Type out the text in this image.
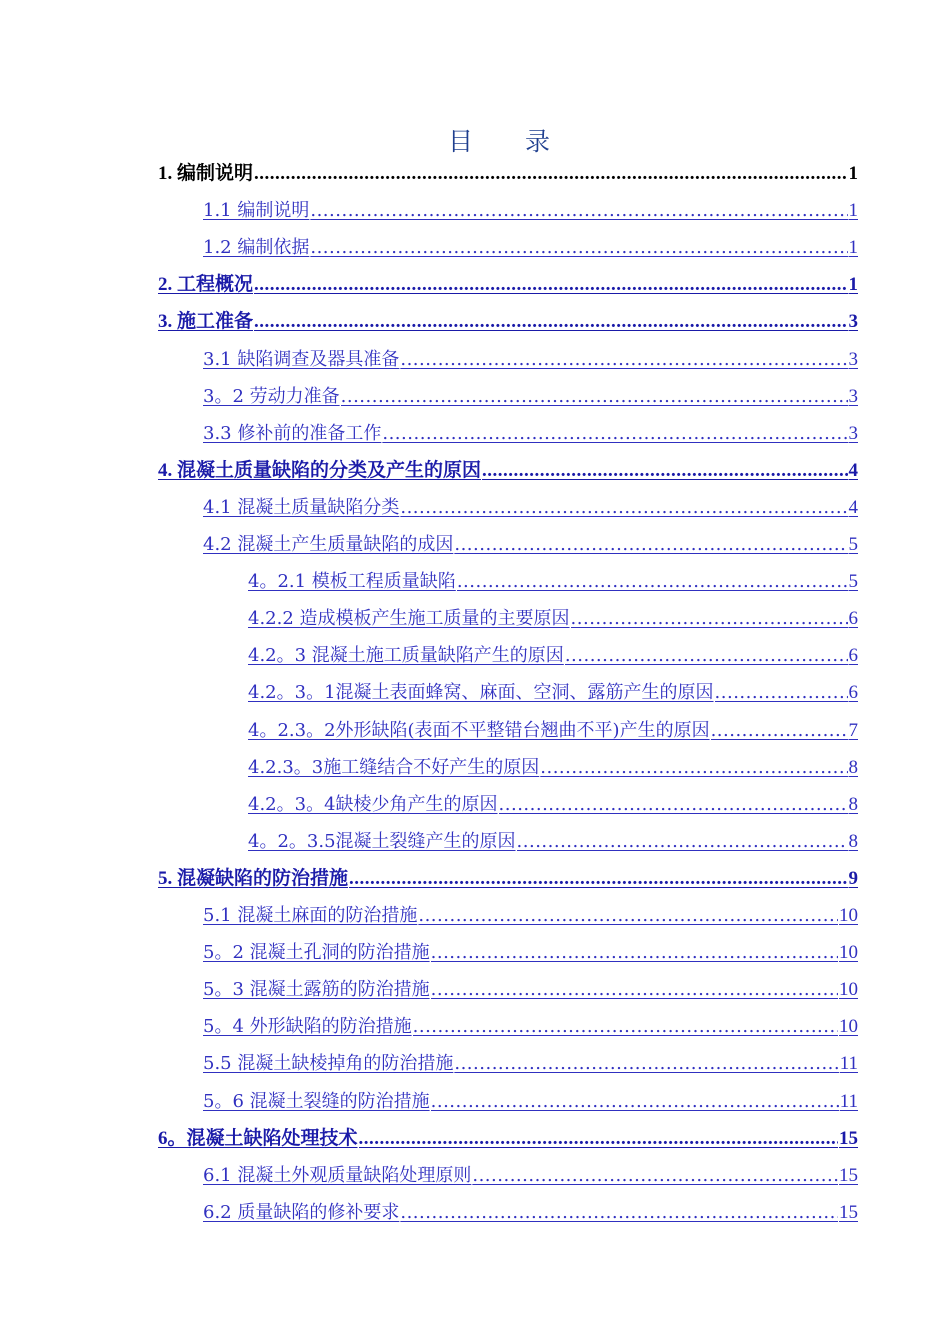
目 录
1. 编制说明 .....	1
1.1 编制说明 .....	1
1.2 编制依据 .....	1
2. 工程概况 .....	1
3. 施工准备 .....	3
3.1 缺陷调查及器具准备 .....	3
3。2 劳动力准备 .....	3
3.3 修补前的准备工作 .....	3
4. 混凝土质量缺陷的分类及产生的原因 .....	4
4.1 混凝土质量缺陷分类 .....	4
4.2 混凝土产生质量缺陷的成因 .....	5
4。2.1 模板工程质量缺陷 .....	5
4.2.2 造成模板产生施工质量的主要原因 .....	6
4.2。3 混凝土施工质量缺陷产生的原因 .....	6
4.2。3。1混凝土表面蜂窝、麻面、空洞、露筋产生的原因 .....	6
4。2.3。2外形缺陷(表面不平整错台翘曲不平)产生的原因 .....	7
4.2.3。3施工缝结合不好产生的原因 .....	8
4.2。3。4缺棱少角产生的原因 .....	8
4。2。3.5混凝土裂缝产生的原因 .....	8
5. 混凝缺陷的防治措施 .....	9
5.1 混凝土麻面的防治措施 .....	10
5。2 混凝土孔洞的防治措施 .....	10
5。3 混凝土露筋的防治措施 .....	10
5。4 外形缺陷的防治措施 .....	10
5.5 混凝土缺棱掉角的防治措施 .....	11
5。6 混凝土裂缝的防治措施 .....	11
6。混凝土缺陷处理技术 .....	15
6.1 混凝土外观质量缺陷处理原则 .....	15
6.2 质量缺陷的修补要求 .....	15
